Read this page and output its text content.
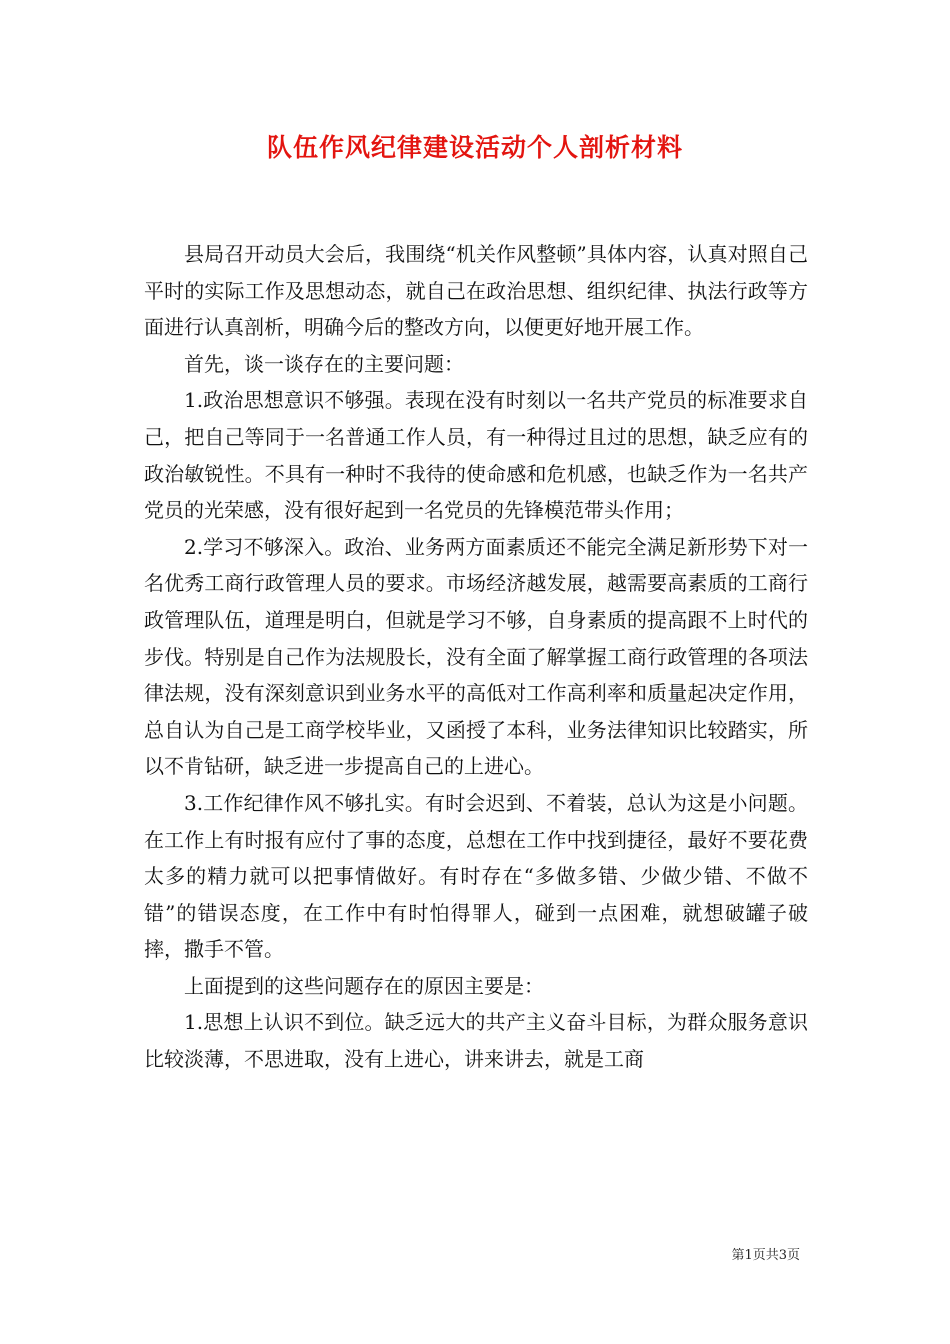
队伍作风纪律建设活动个人剖析材料

县局召开动员大会后，我围绕“机关作风整顿”具体内容，认真对照自己平时的实际工作及思想动态，就自己在政治思想、组织纪律、执法行政等方面进行认真剖析，明确今后的整改方向，以便更好地开展工作。

首先，谈一谈存在的主要问题：

1.政治思想意识不够强。表现在没有时刻以一名共产党员的标准要求自己，把自己等同于一名普通工作人员，有一种得过且过的思想，缺乏应有的政治敏锐性。不具有一种时不我待的使命感和危机感，也缺乏作为一名共产党员的光荣感，没有很好起到一名党员的先锋模范带头作用；

2.学习不够深入。政治、业务两方面素质还不能完全满足新形势下对一名优秀工商行政管理人员的要求。市场经济越发展，越需要高素质的工商行政管理队伍，道理是明白，但就是学习不够，自身素质的提高跟不上时代的步伐。特别是自己作为法规股长，没有全面了解掌握工商行政管理的各项法律法规，没有深刻意识到业务水平的高低对工作高利率和质量起决定作用，总自认为自己是工商学校毕业，又函授了本科，业务法律知识比较踏实，所以不肯钻研，缺乏进一步提高自己的上进心。

3.工作纪律作风不够扎实。有时会迟到、不着装，总认为这是小问题。在工作上有时报有应付了事的态度，总想在工作中找到捷径，最好不要花费太多的精力就可以把事情做好。有时存在“多做多错、少做少错、不做不错”的错误态度，在工作中有时怕得罪人，碰到一点困难，就想破罐子破摔，撒手不管。

上面提到的这些问题存在的原因主要是：

1.思想上认识不到位。缺乏远大的共产主义奋斗目标，为群众服务意识比较淡薄，不思进取，没有上进心，讲来讲去，就是工商

第1页共3页
